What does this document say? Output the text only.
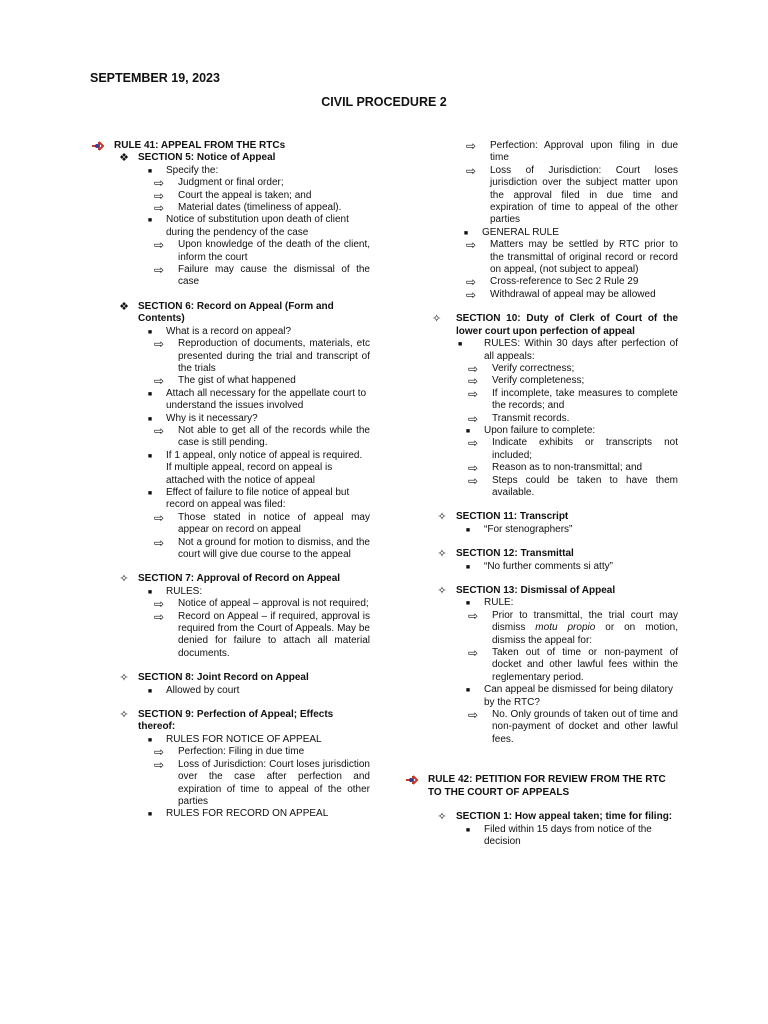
SEPTEMBER 19, 2023
CIVIL PROCEDURE 2
RULE 41: APPEAL FROM THE RTCs
❖ SECTION 5: Notice of Appeal
■	Specify the:
⇨	Judgment or final order;
⇨	Court the appeal is taken; and
⇨	Material dates (timeliness of appeal).
■	Notice of substitution upon death of client during the pendency of the case
⇨	Upon knowledge of the death of the client, inform the court
⇨	Failure may cause the dismissal of the case
❖ SECTION 6: Record on Appeal (Form and Contents)
■	What is a record on appeal?
⇨	Reproduction of documents, materials, etc presented during the trial and transcript of the trials
⇨	The gist of what happened
■	Attach all necessary for the appellate court to understand the issues involved
■	Why is it necessary?
⇨	Not able to get all of the records while the case is still pending.
■	If 1 appeal, only notice of appeal is required. If multiple appeal, record on appeal is attached with the notice of appeal
■	Effect of failure to file notice of appeal but record on appeal was filed:
⇨	Those stated in notice of appeal may appear on record on appeal
⇨	Not a ground for motion to dismiss, and the court will give due course to the appeal
✧ SECTION 7: Approval of Record on Appeal
■	RULES:
⇨	Notice of appeal – approval is not required;
⇨	Record on Appeal – if required, approval is required from the Court of Appeals. May be denied for failure to attach all material documents.
✧ SECTION 8: Joint Record on Appeal
■	Allowed by court
✧ SECTION 9: Perfection of Appeal; Effects thereof:
■	RULES FOR NOTICE OF APPEAL
⇨	Perfection: Filing in due time
⇨	Loss of Jurisdiction: Court loses jurisdiction over the case after perfection and expiration of time to appeal of the other parties
■	RULES FOR RECORD ON APPEAL
⇨	Perfection: Approval upon filing in due time
⇨	Loss of Jurisdiction: Court loses jurisdiction over the subject matter upon the approval filed in due time and expiration of time to appeal of the other parties
■	GENERAL RULE
⇨	Matters may be settled by RTC prior to the transmittal of original record or record on appeal, (not subject to appeal)
⇨	Cross-reference to Sec 2 Rule 29
⇨	Withdrawal of appeal may be allowed
✧	SECTION 10: Duty of Clerk of Court of the lower court upon perfection of appeal
■	RULES: Within 30 days after perfection of all appeals:
⇨	Verify correctness;
⇨	Verify completeness;
⇨	If incomplete, take measures to complete the records; and
⇨	Transmit records.
■	Upon failure to complete:
⇨	Indicate exhibits or transcripts not included;
⇨	Reason as to non-transmittal; and
⇨	Steps could be taken to have them available.
✧ SECTION 11: Transcript
■	“For stenographers”
✧ SECTION 12: Transmittal
■	“No further comments si atty”
✧ SECTION 13: Dismissal of Appeal
■	RULE:
⇨	Prior to transmittal, the trial court may dismiss motu propio or on motion, dismiss the appeal for:
⇨	Taken out of time or non-payment of docket and other lawful fees within the reglementary period.
■	Can appeal be dismissed for being dilatory by the RTC?
⇨	No. Only grounds of taken out of time and non-payment of docket and other lawful fees.
RULE 42: PETITION FOR REVIEW FROM THE RTC TO THE COURT OF APPEALS
✧ SECTION 1: How appeal taken; time for filing:
■	Filed within 15 days from notice of the decision
